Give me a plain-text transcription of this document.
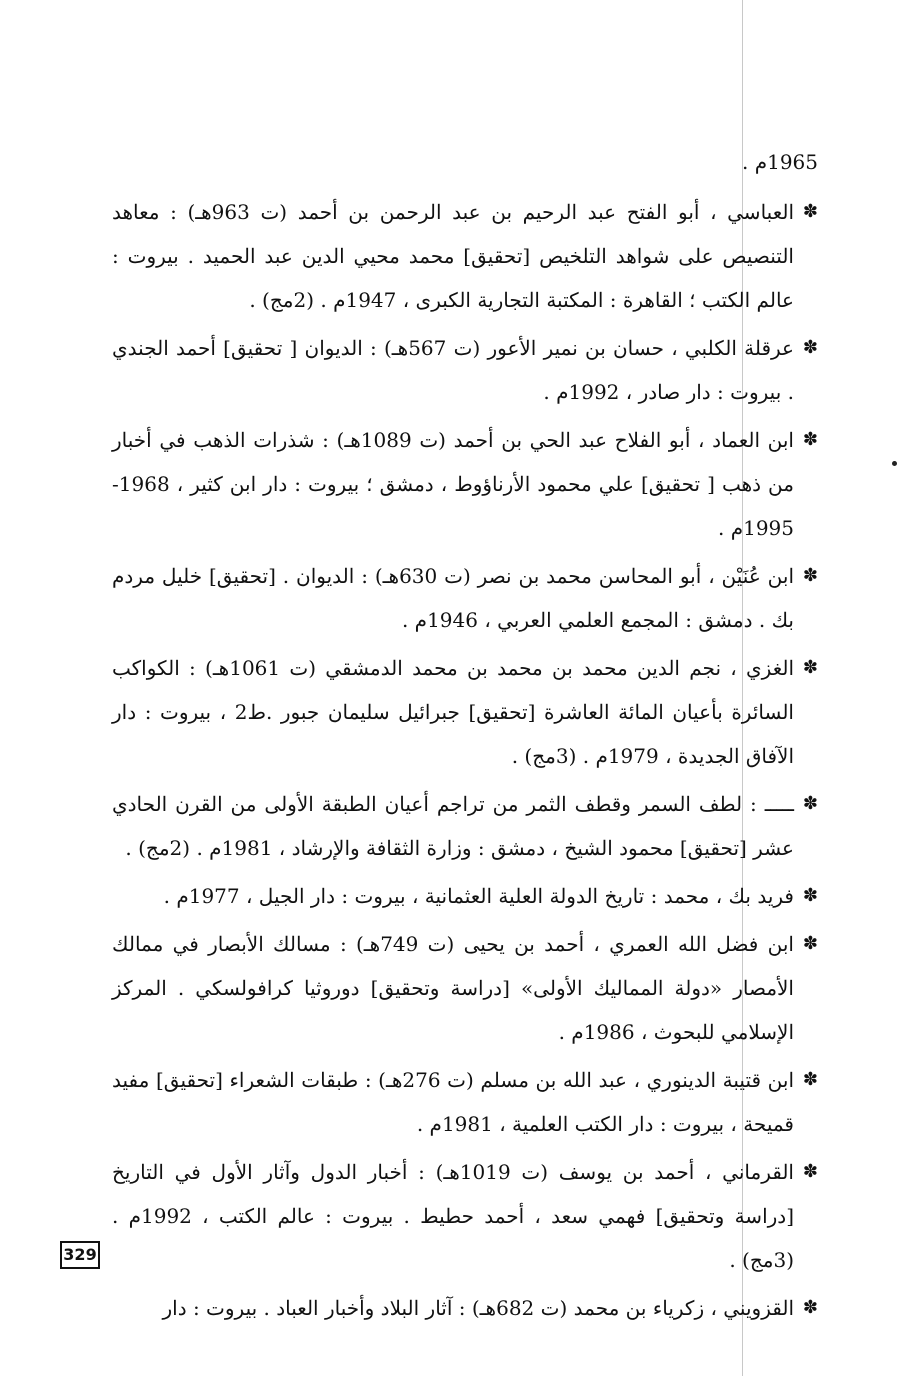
1965م .
✽
العباسي ، أبو الفتح عبد الرحيم بن عبد الرحمن بن أحمد (ت 963هـ) : معاهد التنصيص على شواهد التلخيص [تحقيق] محمد محيي الدين عبد الحميد . بيروت : عالم الكتب ؛ القاهرة : المكتبة التجارية الكبرى ، 1947م . (2مج) .
✽
عرقلة الكلبي ، حسان بن نمير الأعور (ت 567هـ) : الديوان [ تحقيق] أحمد الجندي . بيروت : دار صادر ، 1992م .
✽
ابن العماد ، أبو الفلاح عبد الحي بن أحمد (ت 1089هـ) : شذرات الذهب في أخبار من ذهب [ تحقيق] علي محمود الأرناؤوط ، دمشق ؛ بيروت : دار ابن كثير ، 1968- 1995م .
✽
ابن عُنَيْن ، أبو المحاسن محمد بن نصر (ت 630هـ) : الديوان . [تحقيق] خليل مردم بك . دمشق : المجمع العلمي العربي ، 1946م .
✽
الغزي ، نجم الدين محمد بن محمد بن محمد الدمشقي (ت 1061هـ) : الكواكب السائرة بأعيان المائة العاشرة [تحقيق] جبرائيل سليمان جبور .ط2 ، بيروت : دار الآفاق الجديدة ، 1979م . (3مج) .
✽
ـــــ : لطف السمر وقطف الثمر من تراجم أعيان الطبقة الأولى من القرن الحادي عشر [تحقيق] محمود الشيخ ، دمشق : وزارة الثقافة والإرشاد ، 1981م . (2مج) .
✽
فريد بك ، محمد : تاريخ الدولة العلية العثمانية ، بيروت : دار الجيل ، 1977م .
✽
ابن فضل الله العمري ، أحمد بن يحيى (ت 749هـ) : مسالك الأبصار في ممالك الأمصار «دولة المماليك الأولى» [دراسة وتحقيق] دوروثيا كرافولسكي . المركز الإسلامي للبحوث ، 1986م .
✽
ابن قتيبة الدينوري ، عبد الله بن مسلم (ت 276هـ) : طبقات الشعراء [تحقيق] مفيد قميحة ، بيروت : دار الكتب العلمية ، 1981م .
✽
القرماني ، أحمد بن يوسف (ت 1019هـ) : أخبار الدول وآثار الأول في التاريخ [دراسة وتحقيق] فهمي سعد ، أحمد حطيط . بيروت : عالم الكتب ، 1992م . (3مج) .
✽
القزويني ، زكرياء بن محمد (ت 682هـ) : آثار البلاد وأخبار العباد . بيروت : دار
329
